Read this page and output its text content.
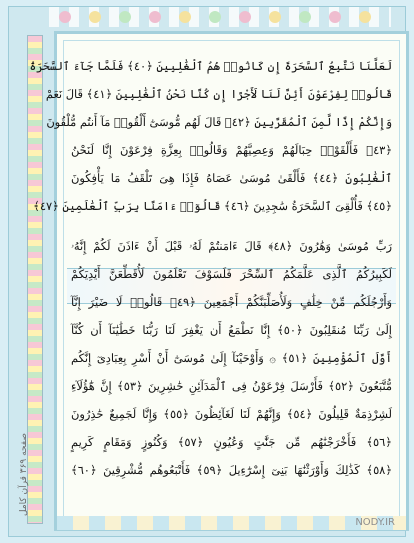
لَعَلَّنَا نَتَّبِعُ ٱلسَّحَرَةَ إِن كَانُوا۟ هُمُ ٱلْغَٰلِبِينَ ﴿٤٠﴾ فَلَمَّا جَآءَ ٱلسَّحَرَةُ
قَالُوا۟ لِفِرْعَوْنَ أَئِنَّ لَنَا لَأَجْرًا إِن كُنَّا نَحْنُ ٱلْغَٰلِبِينَ ﴿٤١﴾ قَالَ نَعَمْ
وَإِنَّكُمْ إِذًا لَّمِنَ ٱلْمُقَرَّبِينَ ﴿٤٢﴾ قَالَ لَهُم مُّوسَىٰٓ أَلْقُوا۟ مَآ أَنتُم مُّلْقُونَ
﴿٤٣﴾ فَأَلْقَوْا۟ حِبَالَهُمْ وَعِصِيَّهُمْ وَقَالُوا۟ بِعِزَّةِ فِرْعَوْنَ إِنَّا لَنَحْنُ
ٱلْغَٰلِبُونَ ﴿٤٤﴾ فَأَلْقَىٰ مُوسَىٰ عَصَاهُ فَإِذَا هِىَ تَلْقَفُ مَا يَأْفِكُونَ
﴿٤٥﴾ فَأُلْقِىَ ٱلسَّحَرَةُ سَٰجِدِينَ ﴿٤٦﴾ قَالُوٓا۟ ءَامَنَّا بِرَبِّ ٱلْعَٰلَمِينَ ﴿٤٧﴾
رَبِّ مُوسَىٰ وَهَٰرُونَ ﴿٤٨﴾ قَالَ ءَامَنتُمْ لَهُۥ قَبْلَ أَنْ ءَاذَنَ لَكُمْ إِنَّهُۥ
لَكَبِيرُكُمُ ٱلَّذِى عَلَّمَكُمُ ٱلسِّحْرَ فَلَسَوْفَ تَعْلَمُونَ لَأُقَطِّعَنَّ أَيْدِيَكُمْ
وَأَرْجُلَكُم مِّنْ خِلَٰفٍ وَلَأُصَلِّبَنَّكُمْ أَجْمَعِينَ ﴿٤٩﴾ قَالُوا۟ لَا ضَيْرَ إِنَّآ
إِلَىٰ رَبِّنَا مُنقَلِبُونَ ﴿٥٠﴾ إِنَّا نَطْمَعُ أَن يَغْفِرَ لَنَا رَبُّنَا خَطَٰيَٰنَآ أَن كُنَّآ
أَوَّلَ ٱلْمُؤْمِنِينَ ﴿٥١﴾ ۞ وَأَوْحَيْنَآ إِلَىٰ مُوسَىٰٓ أَنْ أَسْرِ بِعِبَادِىٓ إِنَّكُم
مُّتَّبَعُونَ ﴿٥٢﴾ فَأَرْسَلَ فِرْعَوْنُ فِى ٱلْمَدَآئِنِ حَٰشِرِينَ ﴿٥٣﴾ إِنَّ هَٰٓؤُلَآءِ
لَشِرْذِمَةٌ قَلِيلُونَ ﴿٥٤﴾ وَإِنَّهُمْ لَنَا لَغَآئِظُونَ ﴿٥٥﴾ وَإِنَّا لَجَمِيعٌ حَٰذِرُونَ
﴿٥٦﴾ فَأَخْرَجْنَٰهُم مِّن جَنَّٰتٍ وَعُيُونٍ ﴿٥٧﴾ وَكُنُوزٍ وَمَقَامٍ كَرِيمٍ
﴿٥٨﴾ كَذَٰلِكَ وَأَوْرَثْنَٰهَا بَنِىٓ إِسْرَٰٓءِيلَ ﴿٥٩﴾ فَأَتْبَعُوهُم مُّشْرِقِينَ ﴿٦٠﴾
صفحه ۳۶۹ قرآن کامل
NODY.IR
